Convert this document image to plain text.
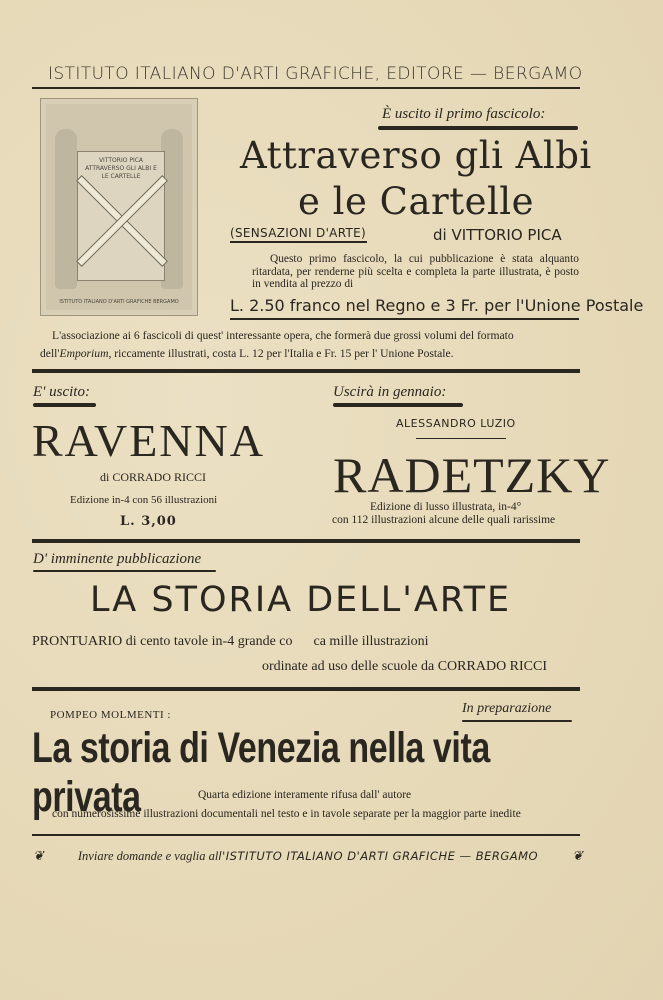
ISTITUTO ITALIANO D'ARTI GRAFICHE, EDITORE — BERGAMO
VITTORIO PICA ATTRAVERSO GLI ALBI E LE CARTELLE
ISTITUTO ITALIANO D'ARTI GRAFICHE BERGAMO
È uscito il primo fascicolo:
Attraverso gli Albi
e le Cartelle
(SENSAZIONI D'ARTE)	di VITTORIO PICA
Questo primo fascicolo, la cui pubblicazione è stata alquanto ritardata, per renderne più scelta e completa la parte illustrata, è posto in vendita al prezzo di
L. 2.50 franco nel Regno e 3 Fr. per l'Unione Postale
L'associazione ai 6 fascicoli di quest' interessante opera, che formerà due grossi volumi del formato dell'Emporium, riccamente illustrati, costa L. 12 per l'Italia e Fr. 15 per l' Unione Postale.
E' uscito:
RAVENNA
di CORRADO RICCI
Edizione in-4 con 56 illustrazioni
L. 3,00
Uscirà in gennaio:
ALESSANDRO LUZIO
RADETZKY
Edizione di lusso illustrata, in-4°
con 112 illustrazioni alcune delle quali rarissime
D' imminente pubblicazione
LA STORIA DELL'ARTE
PRONTUARIO di cento tavole in-4 grande co      ca mille illustrazioni
ordinate ad uso delle scuole da CORRADO RICCI
POMPEO MOLMENTI :	In preparazione
La storia di Venezia nella vita privata	Quarta edizione interamente rifusa dall' autore
con numerosissime illustrazioni documentali nel testo e in tavole separate per la maggior parte inedite
❦	Inviare domande e vaglia all'ISTITUTO ITALIANO D'ARTI GRAFICHE — BERGAMO	❦
